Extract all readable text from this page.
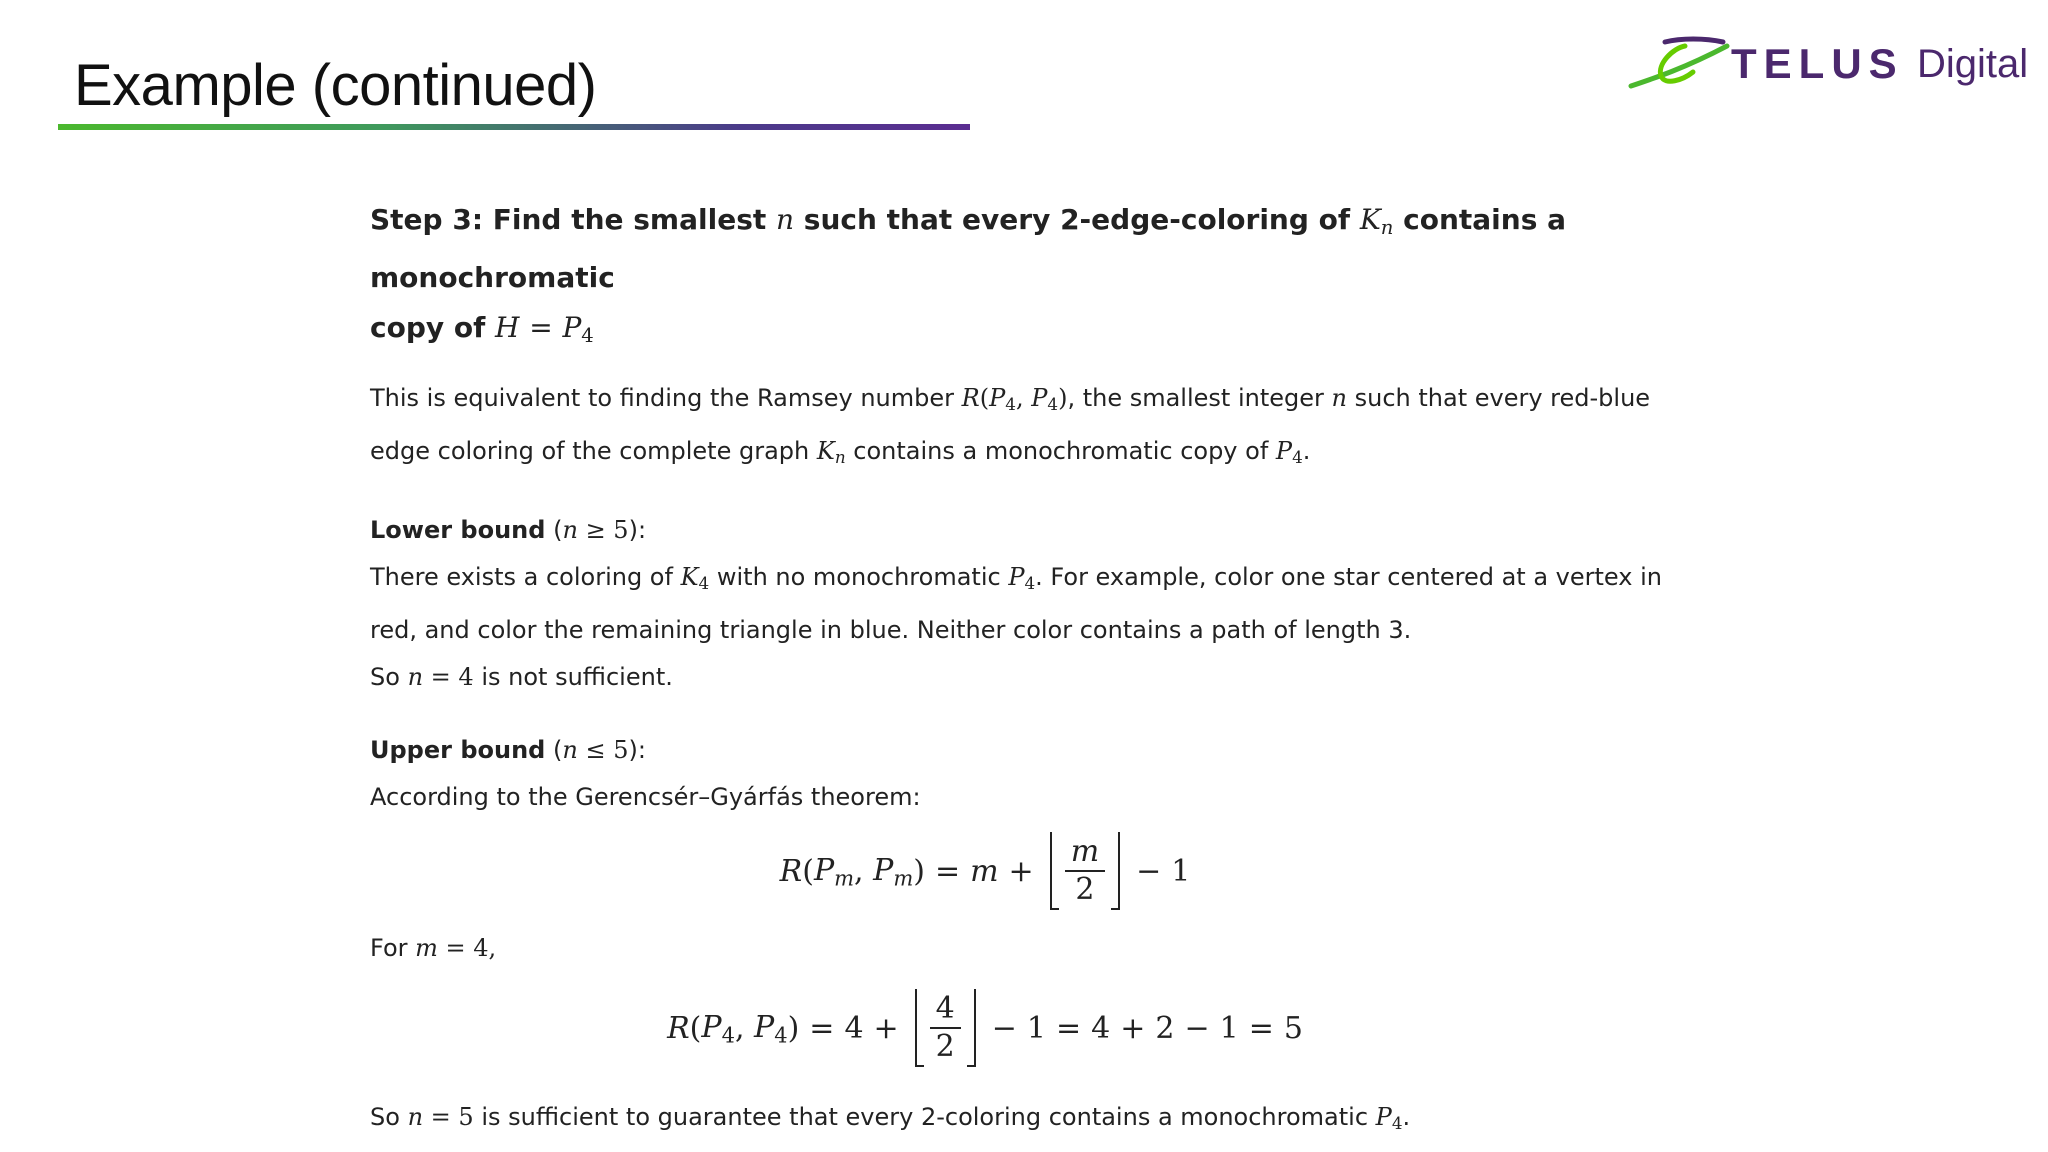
Example (continued)	TELUS Digital

Step 3: Find the smallest n such that every 2-edge-coloring of Kn contains a monochromatic
copy of $H = P_4$

This is equivalent to finding the Ramsey number $R(P_4$, $P_4$), the smallest integer n such that every red-blue
edge coloring of the complete graph Kn contains a monochromatic copy of $P_4$.

Lower bound (n ≥ 5):
There exists a coloring of $K_4$ with no monochromatic $P_4$. For example, color one star centered at a vertex in
red, and color the remaining triangle in blue. Neither color contains a path of length 3.
So n = 4 is not sufficient.

Upper bound (n ≤ 5):
According to the Gerencsér–Gyárfás theorem:

R ( Pm , Pm ) = $m + \frac{m}{2} - 1$

For m = 4,

R ( $P_4$ , $P_4$ ) = $4 + \frac{4}{2} - 1 = 4 + 2 - 1 = 5$

So n = 5 is sufficient to guarantee that every 2-coloring contains a monochromatic $P_4$.
